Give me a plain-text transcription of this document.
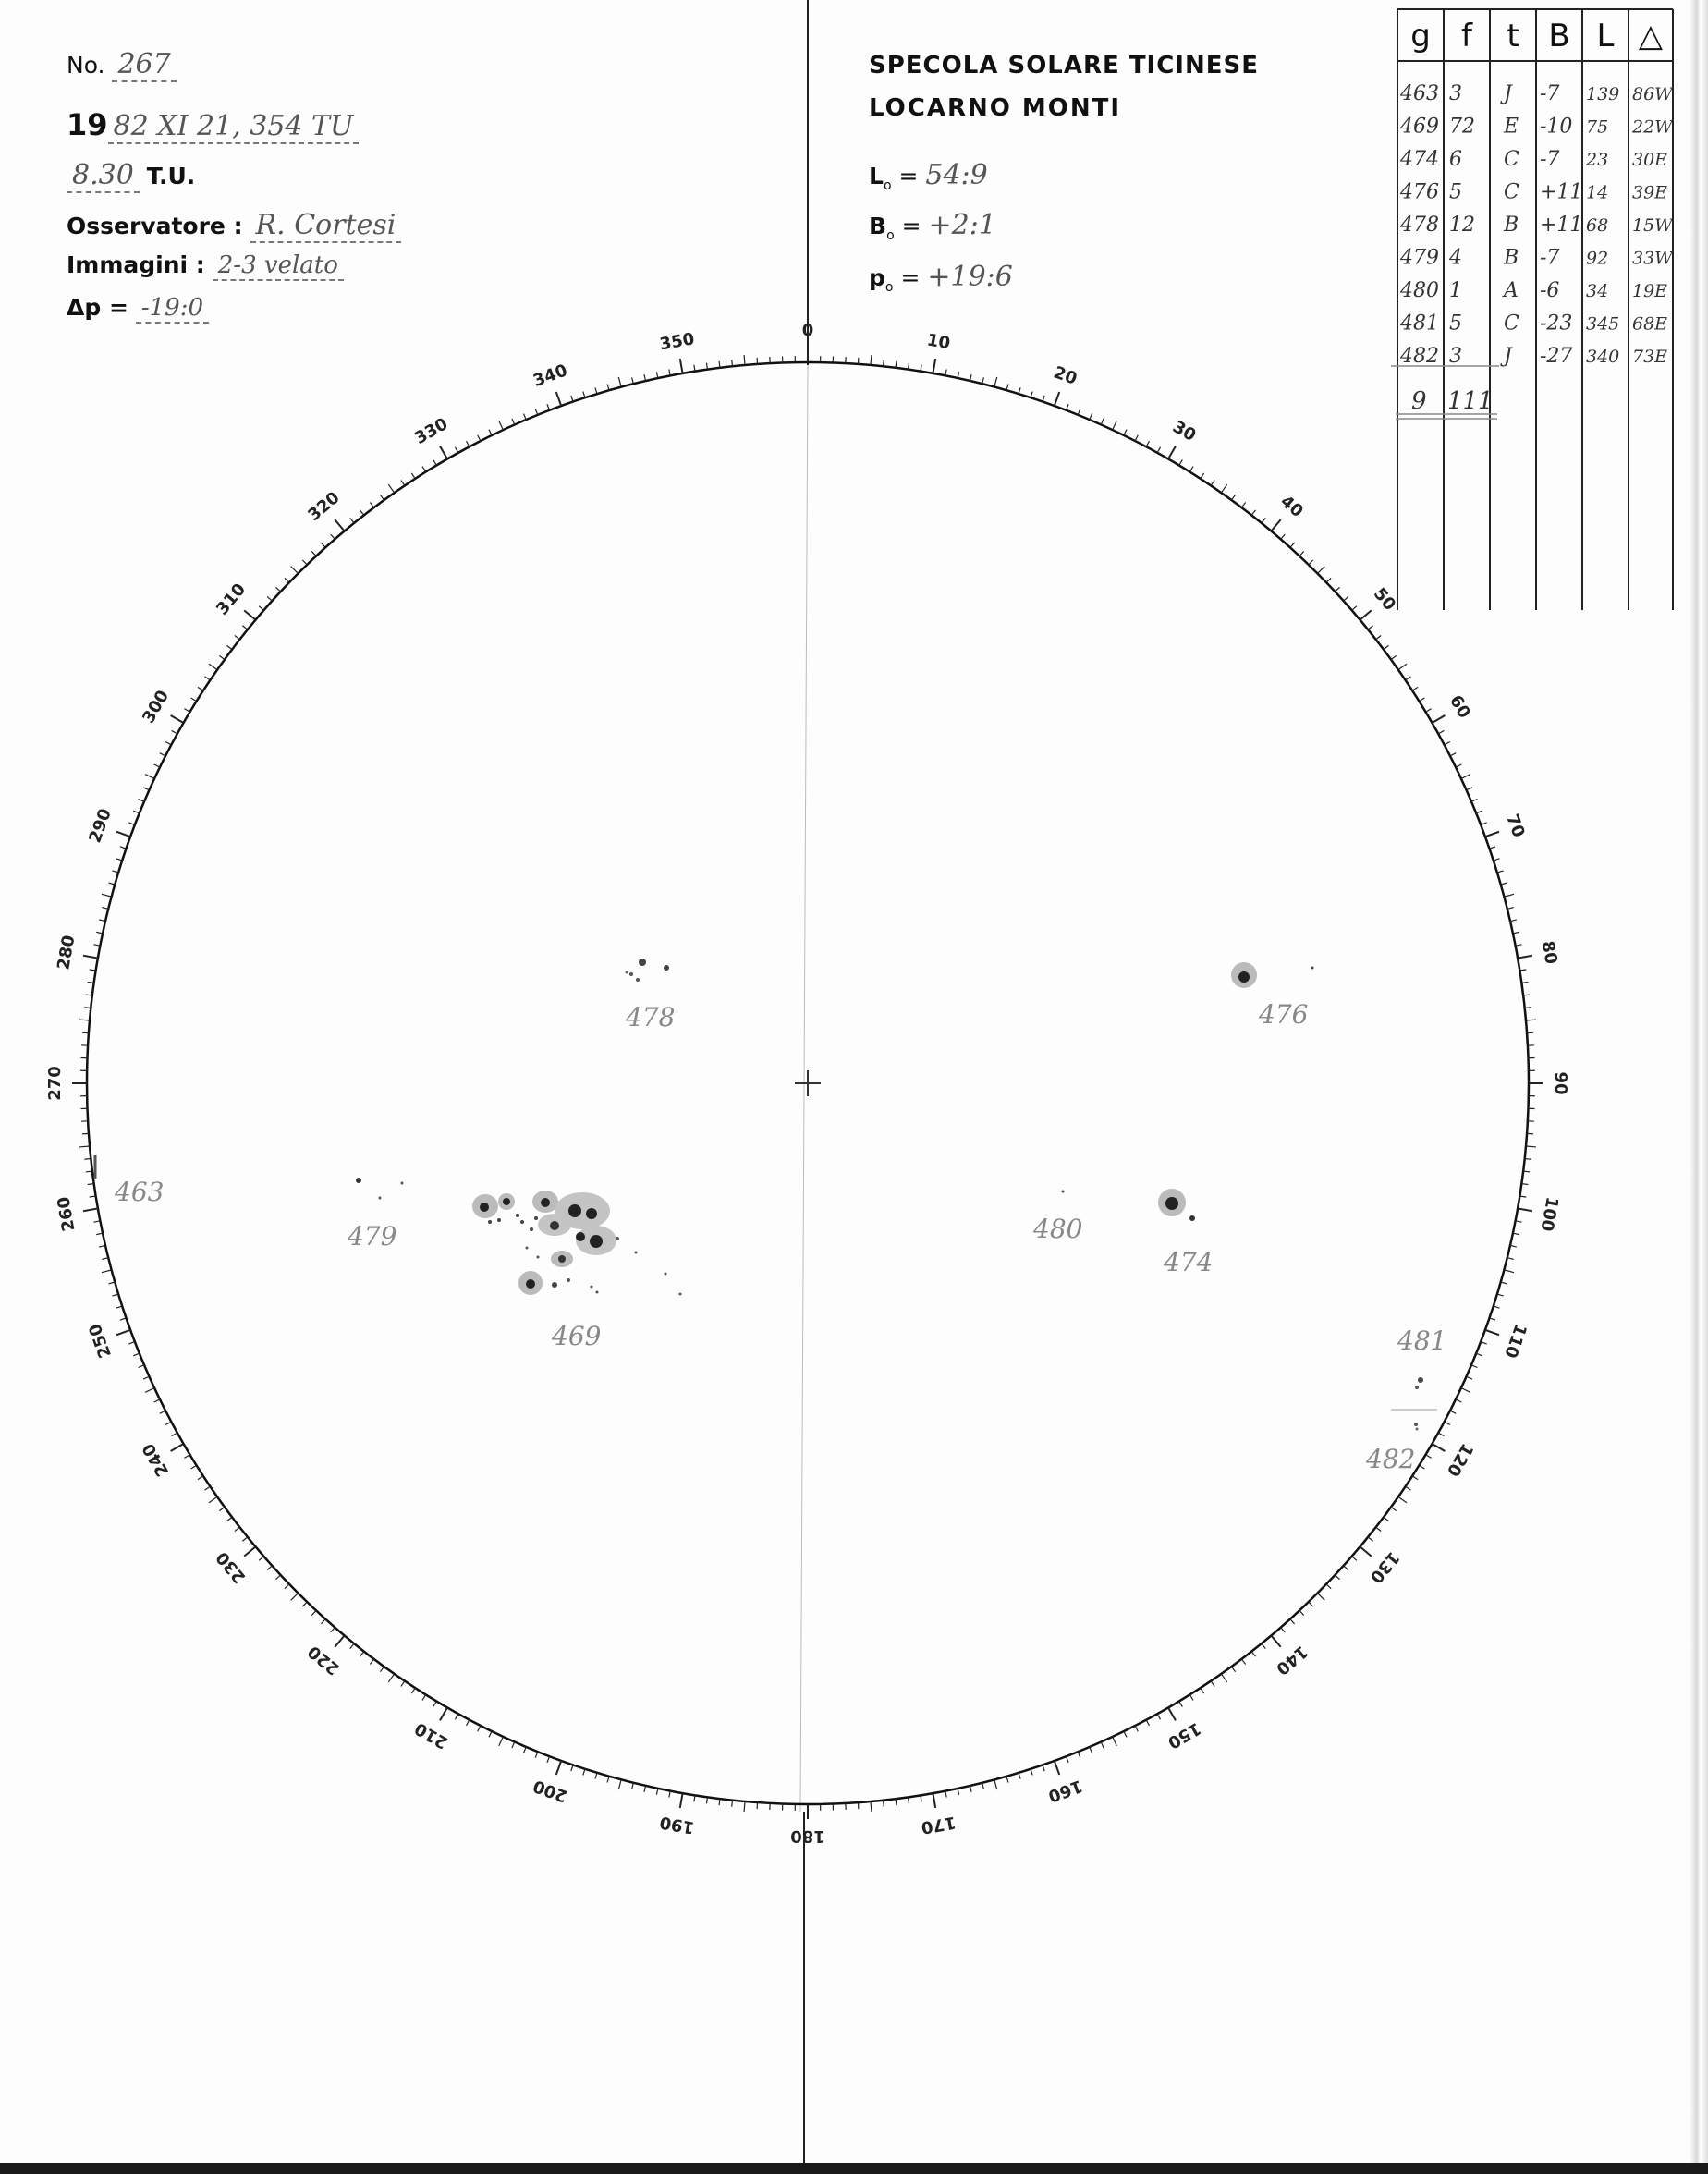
0	10
20
30
40
50
60
70
80
90
100
110
120
130
140
150
160
170
180
190
200
210
220
230
240
250
260
270
280
290
300
310
320
330
340
350
478	476
463
479
469
480
474
481
482
g f t B L △
463 3 J -7 139 86W
469 72 E -10 75 22W
474 6 C -7 23 30E
476 5 C +11 14 39E
478 12 B +11 68 15W
479 4 B -7 92 33W
480 1 A -6 34 19E
481 5 C -23 345 68E
482 3 J -27 340 73E
9 111
No. 267
19 82 XI 21, 354 TU
8.30 T.U.
Osservatore : R. Cortesi
Immagini : 2-3 velato
Δp = -19:0
SPECOLA SOLARE TICINESE
LOCARNO MONTI
$L_o$ = 54:9
$B_o$ = +2:1
$p_o$ = +19:6
